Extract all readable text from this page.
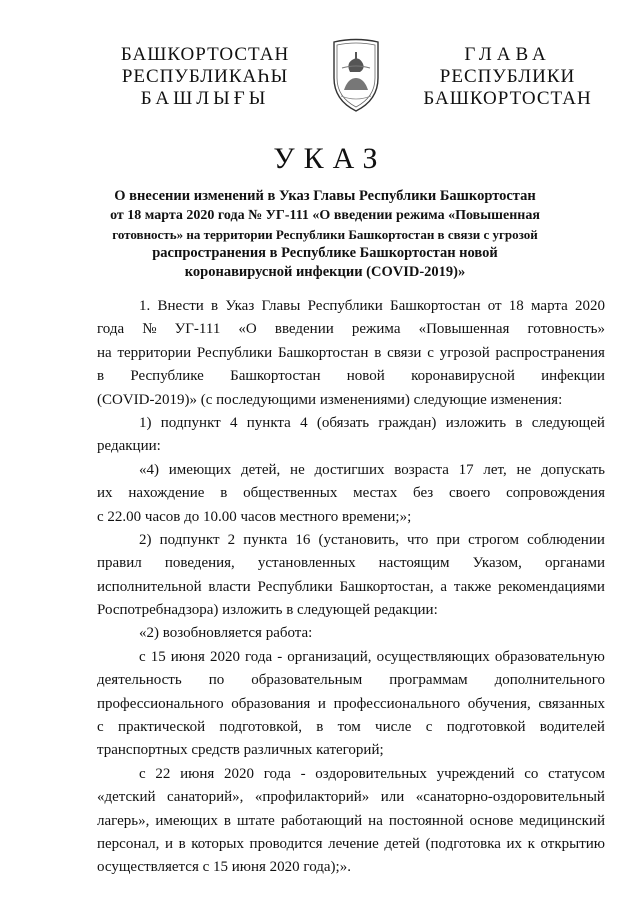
БАШКОРТОСТАН
РЕСПУБЛИКАҺЫ
БАШЛЫҒЫ
ГЛАВА
РЕСПУБЛИКИ
БАШКОРТОСТАН
УКАЗ
О внесении изменений в Указ Главы Республики Башкортостан
от 18 марта 2020 года № УГ-111 «О введении режима «Повышенная
готовность» на территории Республики Башкортостан в связи с угрозой
распространения в Республике Башкортостан новой
коронавирусной инфекции (COVID-2019)»
1. Внести в Указ Главы Республики Башкортостан от 18 марта 2020
года № УГ-111 «О введении режима «Повышенная готовность»
на территории Республики Башкортостан в связи с угрозой распространения
в Республике Башкортостан новой коронавирусной инфекции
(COVID-2019)» (с последующими изменениями) следующие изменения:
1) подпункт 4 пункта 4 (обязать граждан) изложить в следующей
редакции:
«4) имеющих детей, не достигших возраста 17 лет, не допускать
их нахождение в общественных местах без своего сопровождения
с 22.00 часов до 10.00 часов местного времени;»;
2) подпункт 2 пункта 16 (установить, что при строгом соблюдении
правил поведения, установленных настоящим Указом, органами
исполнительной власти Республики Башкортостан, а также рекомендациями
Роспотребнадзора) изложить в следующей редакции:
«2) возобновляется работа:
с 15 июня 2020 года - организаций, осуществляющих образовательную
деятельность по образовательным программам дополнительного
профессионального образования и профессионального обучения, связанных
с практической подготовкой, в том числе с подготовкой водителей
транспортных средств различных категорий;
с 22 июня 2020 года - оздоровительных учреждений со статусом
«детский санаторий», «профилакторий» или «санаторно-оздоровительный
лагерь», имеющих в штате работающий на постоянной основе медицинский
персонал, и в которых проводится лечение детей (подготовка их к открытию
осуществляется с 15 июня 2020 года);».
